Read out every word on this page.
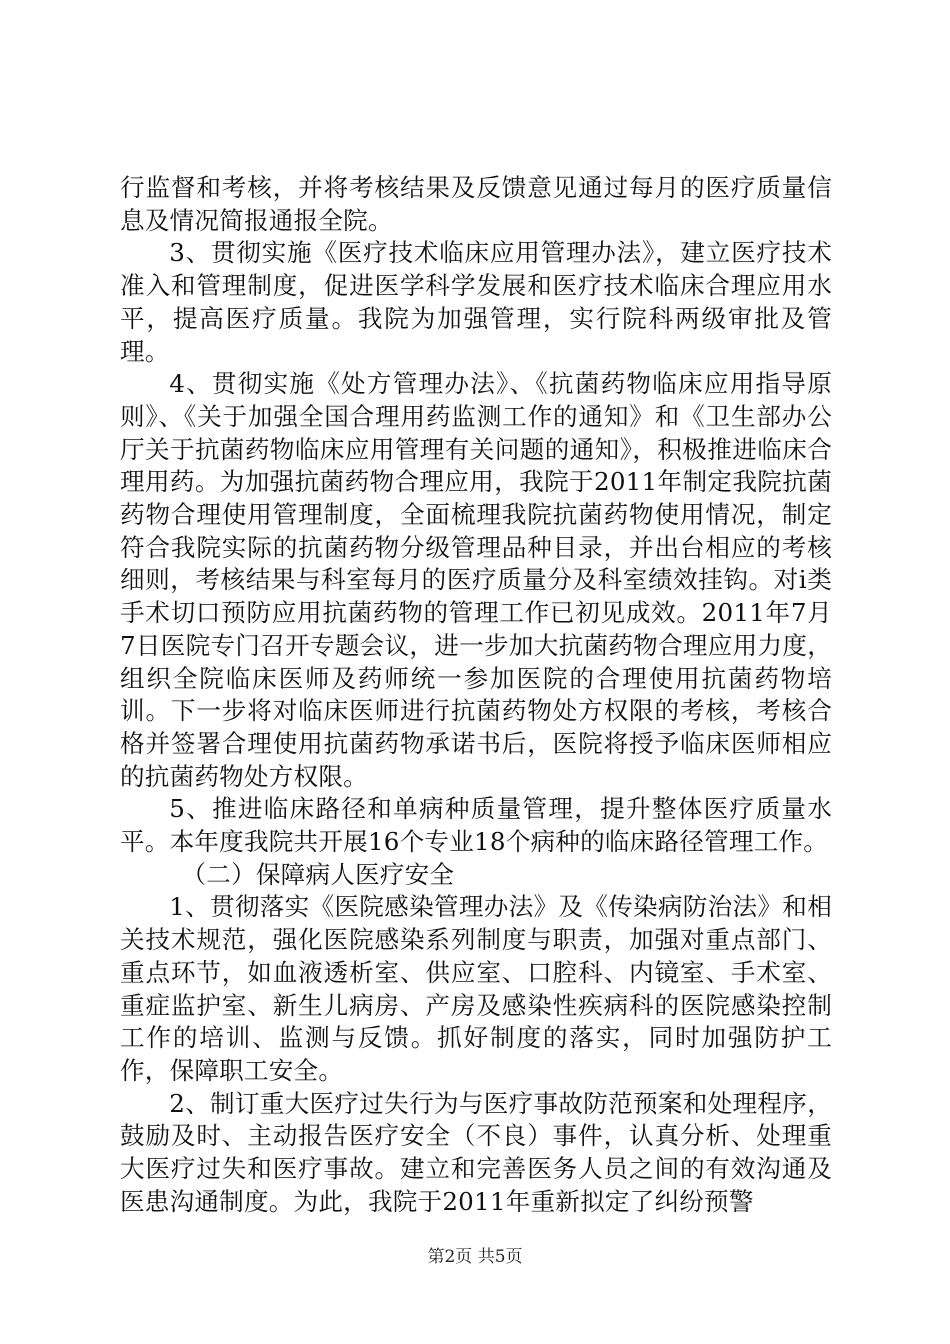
行监督和考核，并将考核结果及反馈意见通过每月的医疗质量信息及情况简报通报全院。

3、贯彻实施《医疗技术临床应用管理办法》，建立医疗技术准入和管理制度，促进医学科学发展和医疗技术临床合理应用水平，提高医疗质量。我院为加强管理，实行院科两级审批及管理。

4、贯彻实施《处方管理办法》、《抗菌药物临床应用指导原则》、《关于加强全国合理用药监测工作的通知》和《卫生部办公厅关于抗菌药物临床应用管理有关问题的通知》，积极推进临床合理用药。为加强抗菌药物合理应用，我院于2011年制定我院抗菌药物合理使用管理制度，全面梳理我院抗菌药物使用情况，制定符合我院实际的抗菌药物分级管理品种目录，并出台相应的考核细则，考核结果与科室每月的医疗质量分及科室绩效挂钩。对i类手术切口预防应用抗菌药物的管理工作已初见成效。2011年7月7日医院专门召开专题会议，进一步加大抗菌药物合理应用力度，组织全院临床医师及药师统一参加医院的合理使用抗菌药物培训。下一步将对临床医师进行抗菌药物处方权限的考核，考核合格并签署合理使用抗菌药物承诺书后，医院将授予临床医师相应的抗菌药物处方权限。

5、推进临床路径和单病种质量管理，提升整体医疗质量水平。本年度我院共开展16个专业18个病种的临床路径管理工作。

（二）保障病人医疗安全

1、贯彻落实《医院感染管理办法》及《传染病防治法》和相关技术规范，强化医院感染系列制度与职责，加强对重点部门、重点环节，如血液透析室、供应室、口腔科、内镜室、手术室、重症监护室、新生儿病房、产房及感染性疾病科的医院感染控制工作的培训、监测与反馈。抓好制度的落实，同时加强防护工作，保障职工安全。

2、制订重大医疗过失行为与医疗事故防范预案和处理程序，鼓励及时、主动报告医疗安全（不良）事件，认真分析、处理重大医疗过失和医疗事故。建立和完善医务人员之间的有效沟通及医患沟通制度。为此，我院于2011年重新拟定了纠纷预警

第2页 共5页
